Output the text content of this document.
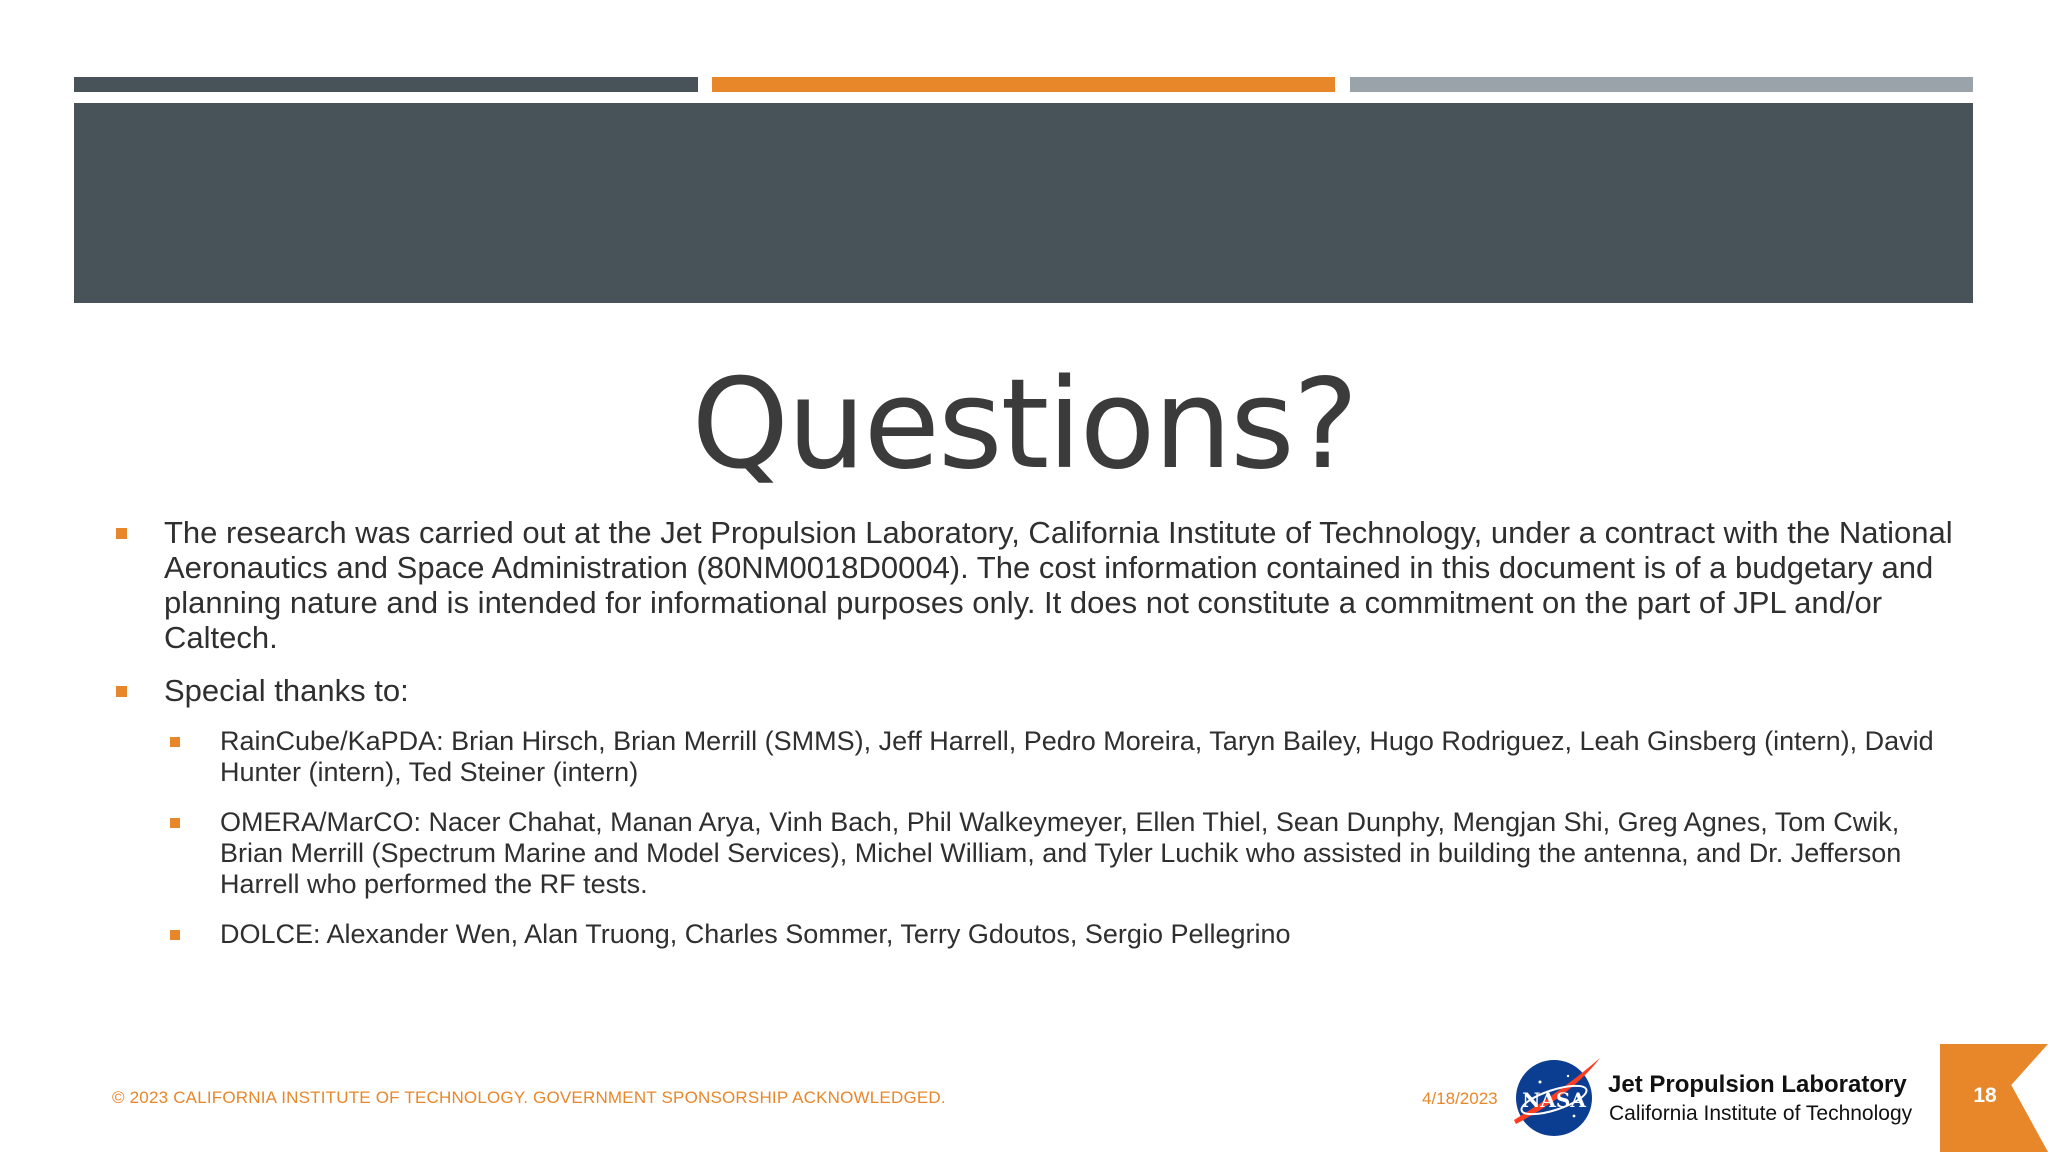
Questions?
The research was carried out at the Jet Propulsion Laboratory, California Institute of Technology, under a contract with the National Aeronautics and Space Administration (80NM0018D0004). The cost information contained in this document is of a budgetary and planning nature and is intended for informational purposes only. It does not constitute a commitment on the part of JPL and/or Caltech.
Special thanks to:
RainCube/KaPDA: Brian Hirsch, Brian Merrill (SMMS), Jeff Harrell, Pedro Moreira, Taryn Bailey, Hugo Rodriguez, Leah Ginsberg (intern), David Hunter (intern), Ted Steiner (intern)
OMERA/MarCO: Nacer Chahat, Manan Arya, Vinh Bach, Phil Walkeymeyer, Ellen Thiel, Sean Dunphy, Mengjan Shi, Greg Agnes, Tom Cwik, Brian Merrill (Spectrum Marine and Model Services), Michel William, and Tyler Luchik who assisted in building the antenna, and Dr. Jefferson Harrell who performed the RF tests.
DOLCE: Alexander Wen, Alan Truong, Charles Sommer, Terry Gdoutos, Sergio Pellegrino
© 2023 CALIFORNIA INSTITUTE OF TECHNOLOGY. GOVERNMENT SPONSORSHIP ACKNOWLEDGED.	4/18/2023 NASA
Jet Propulsion Laboratory
California Institute of Technology
18
